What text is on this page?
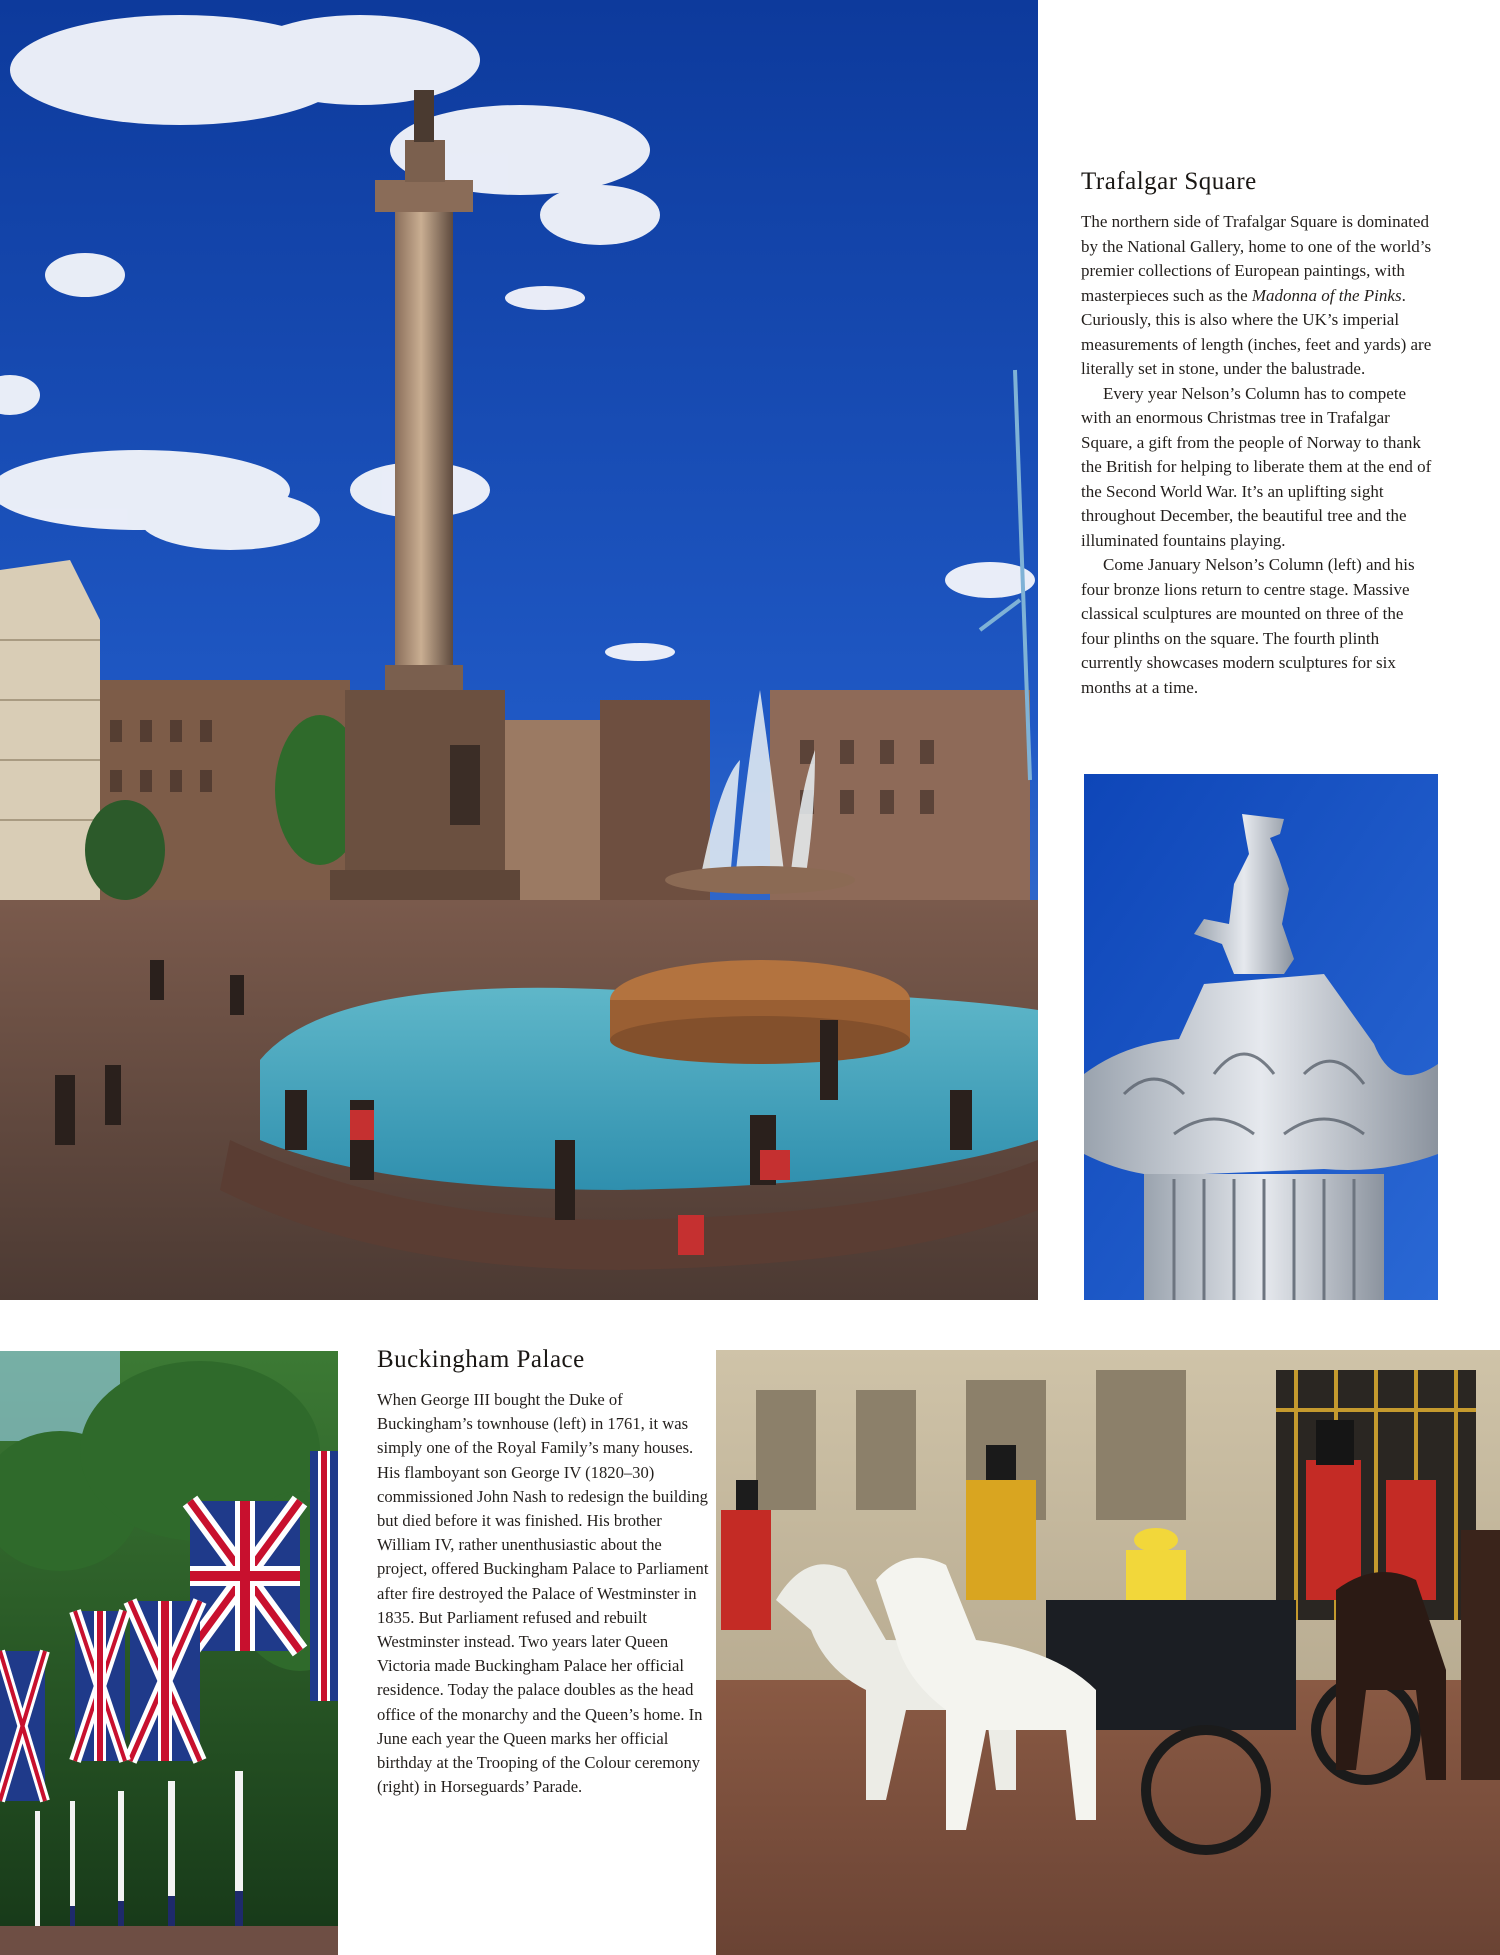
Trafalgar Square

The northern side of Trafalgar Square is dominated by the National Gallery, home to one of the world’s premier collections of European paintings, with masterpieces such as the Madonna of the Pinks. Curiously, this is also where the UK’s imperial measurements of length (inches, feet and yards) are literally set in stone, under the balustrade.

Every year Nelson’s Column has to compete with an enormous Christmas tree in Trafalgar Square, a gift from the people of Norway to thank the British for helping to liberate them at the end of the Second World War. It’s an uplifting sight throughout December, the beautiful tree and the illuminated fountains playing.

Come January Nelson’s Column (left) and his four bronze lions return to centre stage. Massive classical sculptures are mounted on three of the four plinths on the square. The fourth plinth currently showcases modern sculptures for six months at a time.

Buckingham Palace

When George III bought the Duke of Buckingham’s townhouse (left) in 1761, it was simply one of the Royal Family’s many houses. His flamboyant son George IV (1820–30) commissioned John Nash to redesign the building but died before it was finished. His brother William IV, rather unenthusiastic about the project, offered Buckingham Palace to Parliament after fire destroyed the Palace of Westminster in 1835. But Parliament refused and rebuilt Westminster instead. Two years later Queen Victoria made Buckingham Palace her official residence. Today the palace doubles as the head office of the monarchy and the Queen’s home. In June each year the Queen marks her official birthday at the Trooping of the Colour ceremony (right) in Horseguards’ Parade.
